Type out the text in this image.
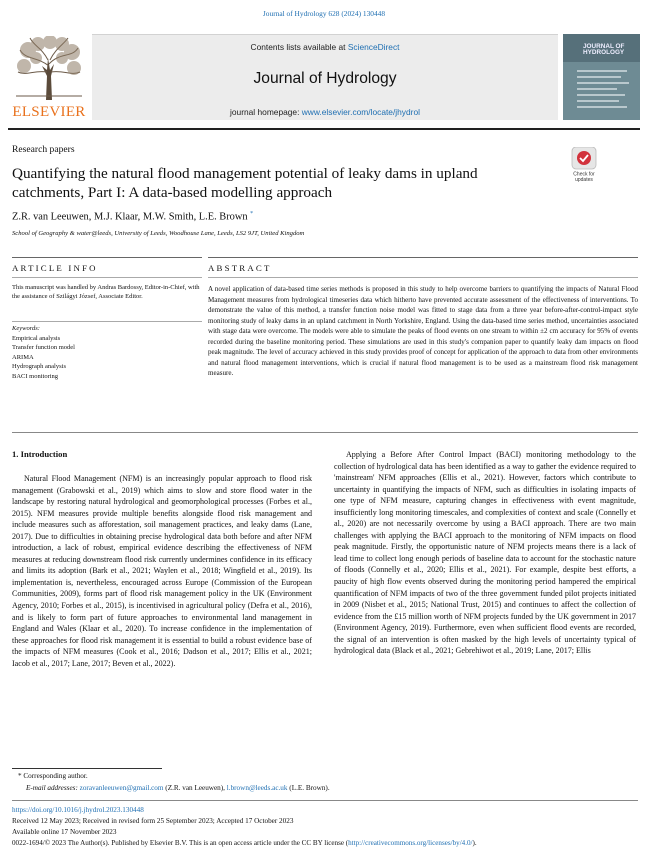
Journal of Hydrology 628 (2024) 130448
ELSEVIER
Contents lists available at ScienceDirect
Journal of Hydrology
journal homepage: www.elsevier.com/locate/jhydrol
JOURNAL OF HYDROLOGY
Research papers
Quantifying the natural flood management potential of leaky dams in upland catchments, Part I: A data-based modelling approach
Check for
updates
Z.R. van Leeuwen, M.J. Klaar, M.W. Smith, L.E. Brown *
School of Geography & water@leeds, University of Leeds, Woodhouse Lane, Leeds, LS2 9JT, United Kingdom
ARTICLE INFO	ABSTRACT
This manuscript was handled by Andras Bardossy, Editor-in-Chief, with the assistance of Szilágyi József, Associate Editor.
Keywords:
Empirical analysis
Transfer function model
ARIMA
Hydrograph analysis
BACI monitoring
A novel application of data-based time series methods is proposed in this study to help overcome barriers to quantifying the impacts of Natural Flood Management measures from hydrological timeseries data which hitherto have prevented accurate assessment of the effectiveness of interventions. To demonstrate the value of this method, a transfer function noise model was fitted to stage data from a three year before-after-control-impact style monitoring study of leaky dams in an upland catchment in North Yorkshire, England. Using the data-based time series method, uncertainties associated with stage data were overcome. The models were able to simulate the peaks of flood events on one stream to within ±2 cm accuracy for 95% of events recorded during the baseline monitoring period. These simulations are used in this study's companion paper to quantify leaky dam impacts on flood peak magnitude. The level of accuracy achieved in this study provides proof of concept for application of the approach to data from other environments and natural flood management interventions, which is crucial if natural flood management is to be used as a mainstream flood risk management measure.
1. Introduction
Natural Flood Management (NFM) is an increasingly popular approach to flood risk management (Grabowski et al., 2019) which aims to slow and store flood water in the landscape by restoring natural hydrological and geomorphological processes (Forbes et al., 2015). NFM measures provide multiple benefits alongside flood risk management and include measures such as afforestation, soil management practices, and leaky dams (Lane, 2017). Due to difficulties in obtaining precise hydrological data both before and after NFM introduction, a lack of robust, empirical evidence describing the effectiveness of NFM measures at reducing downstream flood risk currently undermines confidence in its efficacy and limits its adoption (Bark et al., 2021; Waylen et al., 2018; Wingfield et al., 2019). Its implementation is, nevertheless, encouraged across Europe (Commission of the European Communities, 2009), forms part of flood risk management policy in the UK (Environment Agency, 2010; Forbes et al., 2015), is incentivised in agricultural policy (Defra et al., 2016), and is likely to form part of future approaches to environmental land management in England and Wales (Klaar et al., 2020). To increase confidence in the implementation of these approaches for flood risk management it is essential to build a robust evidence base of the impacts of NFM measures (Cook et al., 2016; Dadson et al., 2017; Ellis et al., 2021; Iacob et al., 2017; Lane, 2017; Beven et al., 2022).
Applying a Before After Control Impact (BACI) monitoring methodology to the collection of hydrological data has been identified as a way to gather the evidence required to 'mainstream' NFM approaches (Ellis et al., 2021). However, factors which contribute to uncertainty in quantifying the impacts of NFM, such as difficulties in isolating impacts of one type of NFM measure, capturing changes in effectiveness with event magnitude, insufficiently long monitoring timescales, and complexities of context and scale (Connelly et al., 2020) are not necessarily overcome by using a BACI approach. There are two main challenges with applying the BACI approach to the monitoring of NFM impacts on flood peak magnitude. Firstly, the opportunistic nature of NFM projects means there is a lack of lead time to collect long enough periods of baseline data to account for the stochastic nature of floods (Connelly et al., 2020; Ellis et al., 2021). For example, despite best efforts, a paucity of high flow events observed during the monitoring period hampered the empirical quantification of NFM impacts of two of the three government funded pilot projects initiated in 2009 (Nisbet et al., 2015; National Trust, 2015) and continues to affect the collection of evidence from the £15 million worth of NFM projects funded by the UK government in 2017 (Environment Agency, 2019). Furthermore, even when sufficient flood events are recorded, the signal of an intervention is often masked by the high levels of uncertainty typical of hydrological data (Black et al., 2021; Gebrehiwot et al., 2019; Lane, 2017; Ellis
* Corresponding author.
E-mail addresses: zoravanleeuwen@gmail.com (Z.R. van Leeuwen), l.brown@leeds.ac.uk (L.E. Brown).
https://doi.org/10.1016/j.jhydrol.2023.130448
Received 12 May 2023; Received in revised form 25 September 2023; Accepted 17 October 2023
Available online 17 November 2023
0022-1694/© 2023 The Author(s). Published by Elsevier B.V. This is an open access article under the CC BY license (http://creativecommons.org/licenses/by/4.0/).
